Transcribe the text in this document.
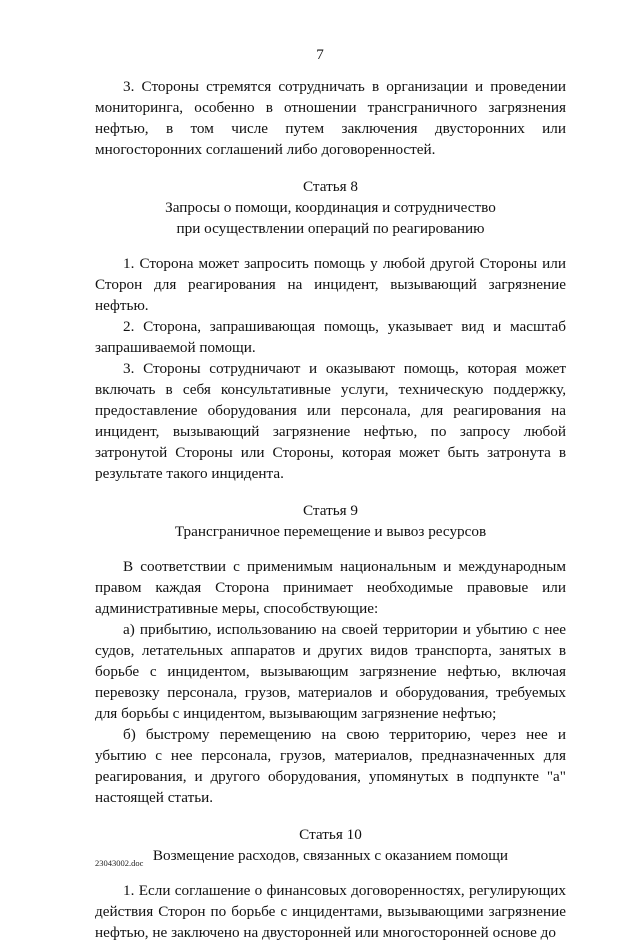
7

3. Стороны стремятся сотрудничать в организации и проведении мониторинга, особенно в отношении трансграничного загрязнения нефтью, в том числе путем заключения двусторонних или многосторонних соглашений либо договоренностей.

Статья 8
Запросы о помощи, координация и сотрудничество
при осуществлении операций по реагированию

1. Сторона может запросить помощь у любой другой Стороны или Сторон для реагирования на инцидент, вызывающий загрязнение нефтью.

2. Сторона, запрашивающая помощь, указывает вид и масштаб запрашиваемой помощи.

3. Стороны сотрудничают и оказывают помощь, которая может включать в себя консультативные услуги, техническую поддержку, предоставление оборудования или персонала, для реагирования на инцидент, вызывающий загрязнение нефтью, по запросу любой затронутой Стороны или Стороны, которая может быть затронута в результате такого инцидента.

Статья 9
Трансграничное перемещение и вывоз ресурсов

В соответствии с применимым национальным и международным правом каждая Сторона принимает необходимые правовые или административные меры, способствующие:

а) прибытию, использованию на своей территории и убытию с нее судов, летательных аппаратов и других видов транспорта, занятых в борьбе с инцидентом, вызывающим загрязнение нефтью, включая перевозку персонала, грузов, материалов и оборудования, требуемых для борьбы с инцидентом, вызывающим загрязнение нефтью;

б) быстрому перемещению на свою территорию, через нее и убытию с нее персонала, грузов, материалов, предназначенных для реагирования, и другого оборудования, упомянутых в подпункте "а" настоящей статьи.

Статья 10
Возмещение расходов, связанных с оказанием помощи

1. Если соглашение о финансовых договоренностях, регулирующих действия Сторон по борьбе с инцидентами, вызывающими загрязнение нефтью, не заключено на двусторонней или многосторонней основе до

23043002.doc
